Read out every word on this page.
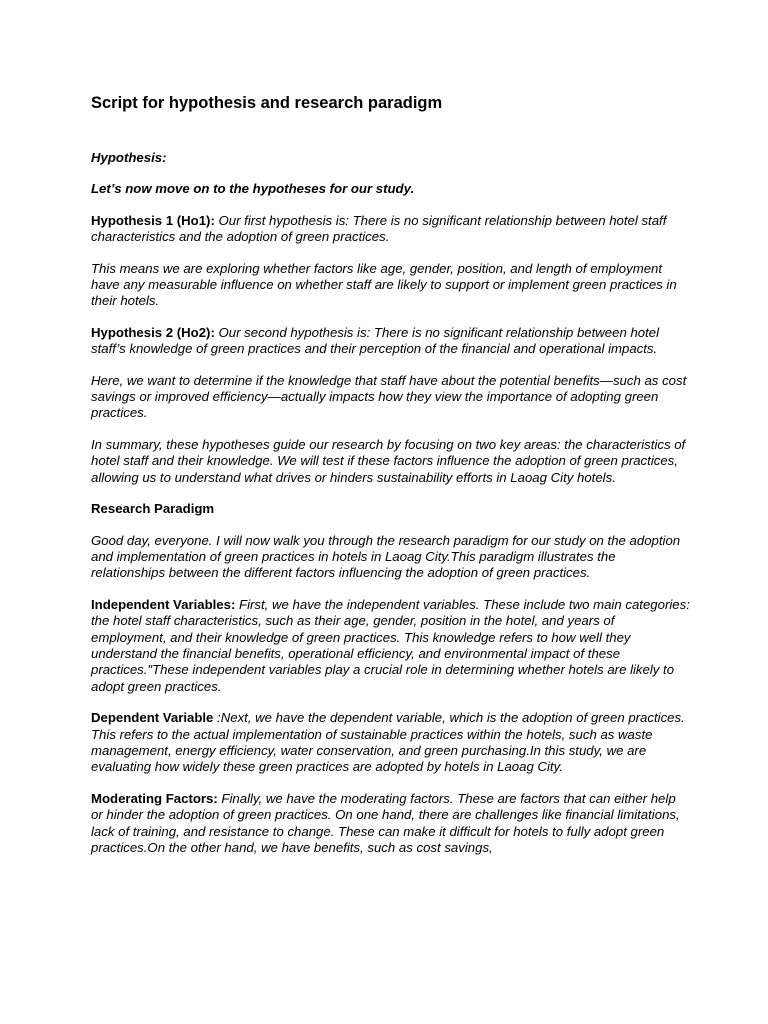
Script for hypothesis and research paradigm

Hypothesis:

Let’s now move on to the hypotheses for our study.

Hypothesis 1 (Ho1): Our first hypothesis is: There is no significant relationship between hotel staff characteristics and the adoption of green practices.

This means we are exploring whether factors like age, gender, position, and length of employment have any measurable influence on whether staff are likely to support or implement green practices in their hotels.

Hypothesis 2 (Ho2): Our second hypothesis is: There is no significant relationship between hotel staff’s knowledge of green practices and their perception of the financial and operational impacts.

Here, we want to determine if the knowledge that staff have about the potential benefits—such as cost savings or improved efficiency—actually impacts how they view the importance of adopting green practices.

In summary, these hypotheses guide our research by focusing on two key areas: the characteristics of hotel staff and their knowledge. We will test if these factors influence the adoption of green practices, allowing us to understand what drives or hinders sustainability efforts in Laoag City hotels.

Research Paradigm

Good day, everyone. I will now walk you through the research paradigm for our study on the adoption and implementation of green practices in hotels in Laoag City.This paradigm illustrates the relationships between the different factors influencing the adoption of green practices.

Independent Variables: First, we have the independent variables. These include two main categories: the hotel staff characteristics, such as their age, gender, position in the hotel, and years of employment, and their knowledge of green practices. This knowledge refers to how well they understand the financial benefits, operational efficiency, and environmental impact of these practices."These independent variables play a crucial role in determining whether hotels are likely to adopt green practices.

Dependent Variable :Next, we have the dependent variable, which is the adoption of green practices. This refers to the actual implementation of sustainable practices within the hotels, such as waste management, energy efficiency, water conservation, and green purchasing.In this study, we are evaluating how widely these green practices are adopted by hotels in Laoag City.

Moderating Factors: Finally, we have the moderating factors. These are factors that can either help or hinder the adoption of green practices. On one hand, there are challenges like financial limitations, lack of training, and resistance to change. These can make it difficult for hotels to fully adopt green practices.On the other hand, we have benefits, such as cost savings,
